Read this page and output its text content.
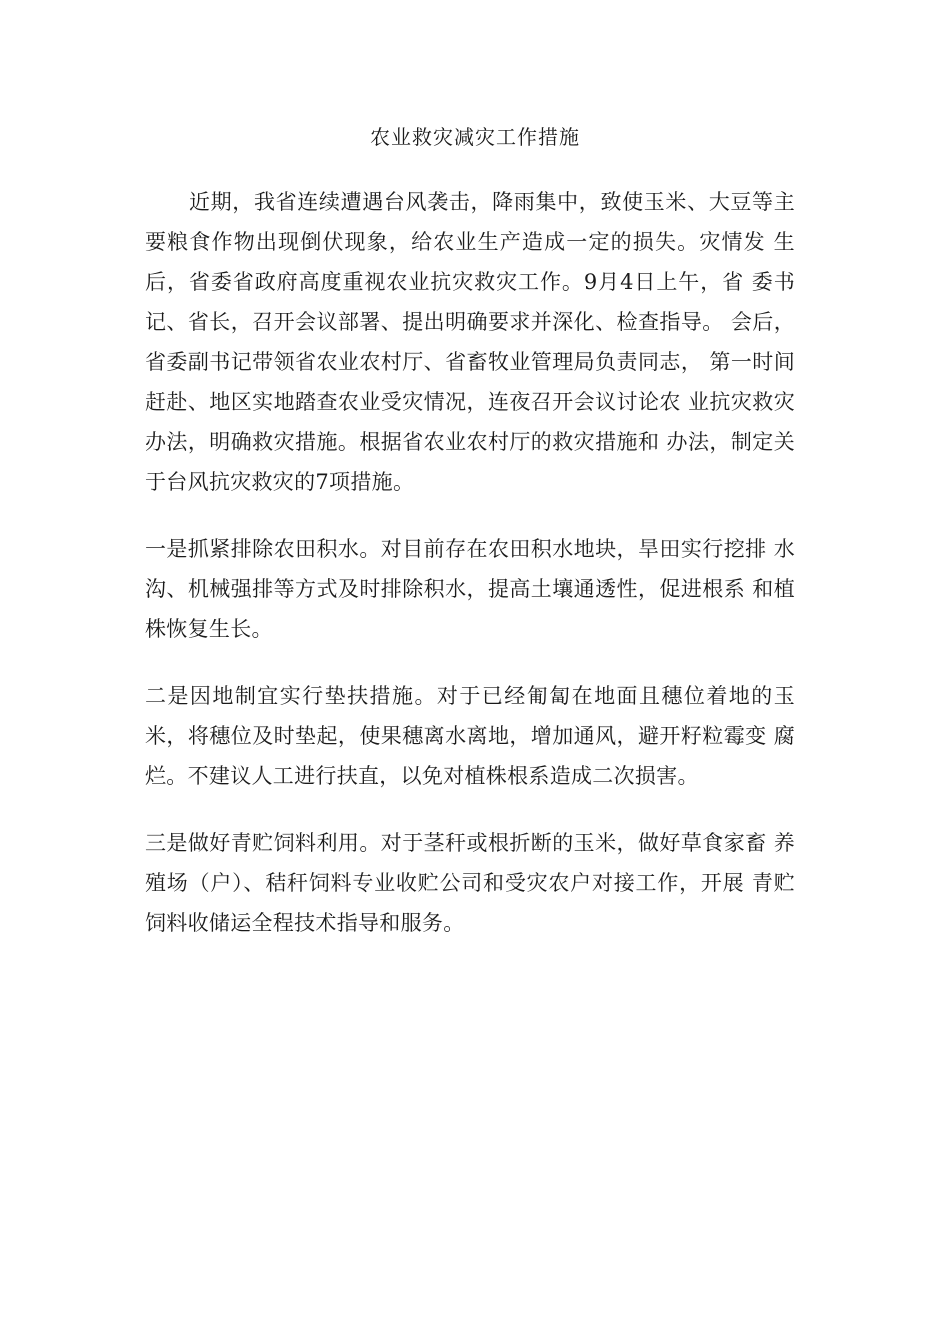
农业救灾减灾工作措施

近期，我省连续遭遇台风袭击，降雨集中，致使玉米、大豆等主要粮食作物出现倒伏现象，给农业生产造成一定的损失。灾情发 生后，省委省政府高度重视农业抗灾救灾工作。9月4日上午，省 委书记、省长，召开会议部署、提出明确要求并深化、检查指导。 会后，省委副书记带领省农业农村厅、省畜牧业管理局负责同志， 第一时间赶赴、地区实地踏查农业受灾情况，连夜召开会议讨论农 业抗灾救灾办法，明确救灾措施。根据省农业农村厅的救灾措施和 办法，制定关于台风抗灾救灾的7项措施。

一是抓紧排除农田积水。对目前存在农田积水地块，旱田实行挖排 水沟、机械强排等方式及时排除积水，提高土壤通透性，促进根系 和植株恢复生长。

二是因地制宜实行垫扶措施。对于已经匍匐在地面且穗位着地的玉米，将穗位及时垫起，使果穗离水离地，增加通风，避开籽粒霉变 腐烂。不建议人工进行扶直，以免对植株根系造成二次损害。

三是做好青贮饲料利用。对于茎秆或根折断的玉米，做好草食家畜 养殖场（户）、秸秆饲料专业收贮公司和受灾农户对接工作，开展 青贮饲料收储运全程技术指导和服务。
